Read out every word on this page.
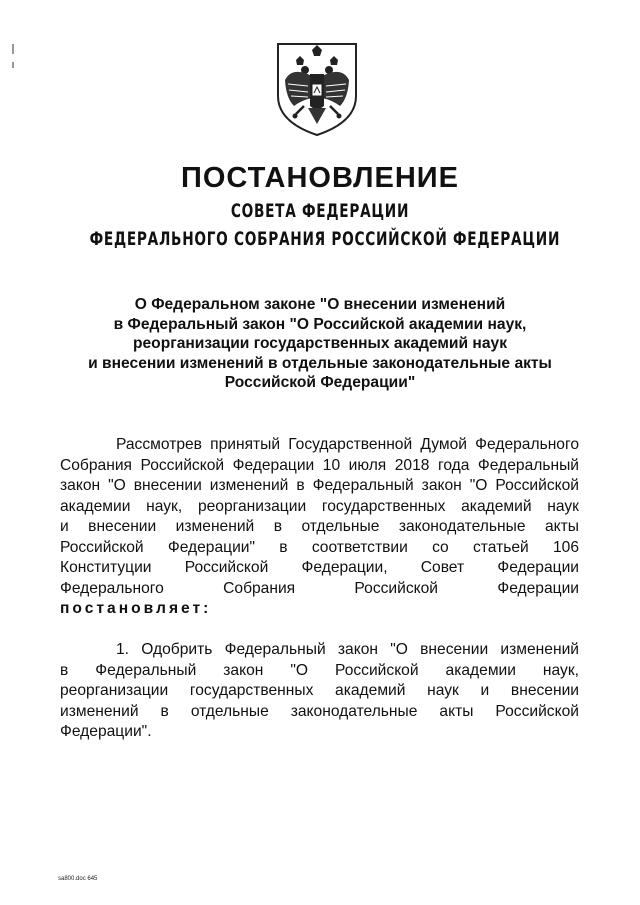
ПОСТАНОВЛЕНИЕ
СОВЕТА ФЕДЕРАЦИИ
ФЕДЕРАЛЬНОГО СОБРАНИЯ РОССИЙСКОЙ ФЕДЕРАЦИИ
О Федеральном законе "О внесении изменений
в Федеральный закон "О Российской академии наук,
реорганизации государственных академий наук
и внесении изменений в отдельные законодательные акты
Российской Федерации"
Рассмотрев принятый Государственной Думой Федерального
Собрания Российской Федерации 10 июля 2018 года Федеральный
закон "О внесении изменений в Федеральный закон "О Российской
академии наук, реорганизации государственных академий наук
и внесении изменений в отдельные законодательные акты
Российской Федерации" в соответствии со статьей 106
Конституции Российской Федерации, Совет Федерации
Федерального Собрания Российской Федерации
постановляет:
1. Одобрить Федеральный закон "О внесении изменений
в Федеральный закон "О Российской академии наук,
реорганизации государственных академий наук и внесении
изменений в отдельные законодательные акты Российской
Федерации".
sa800.doc 645
